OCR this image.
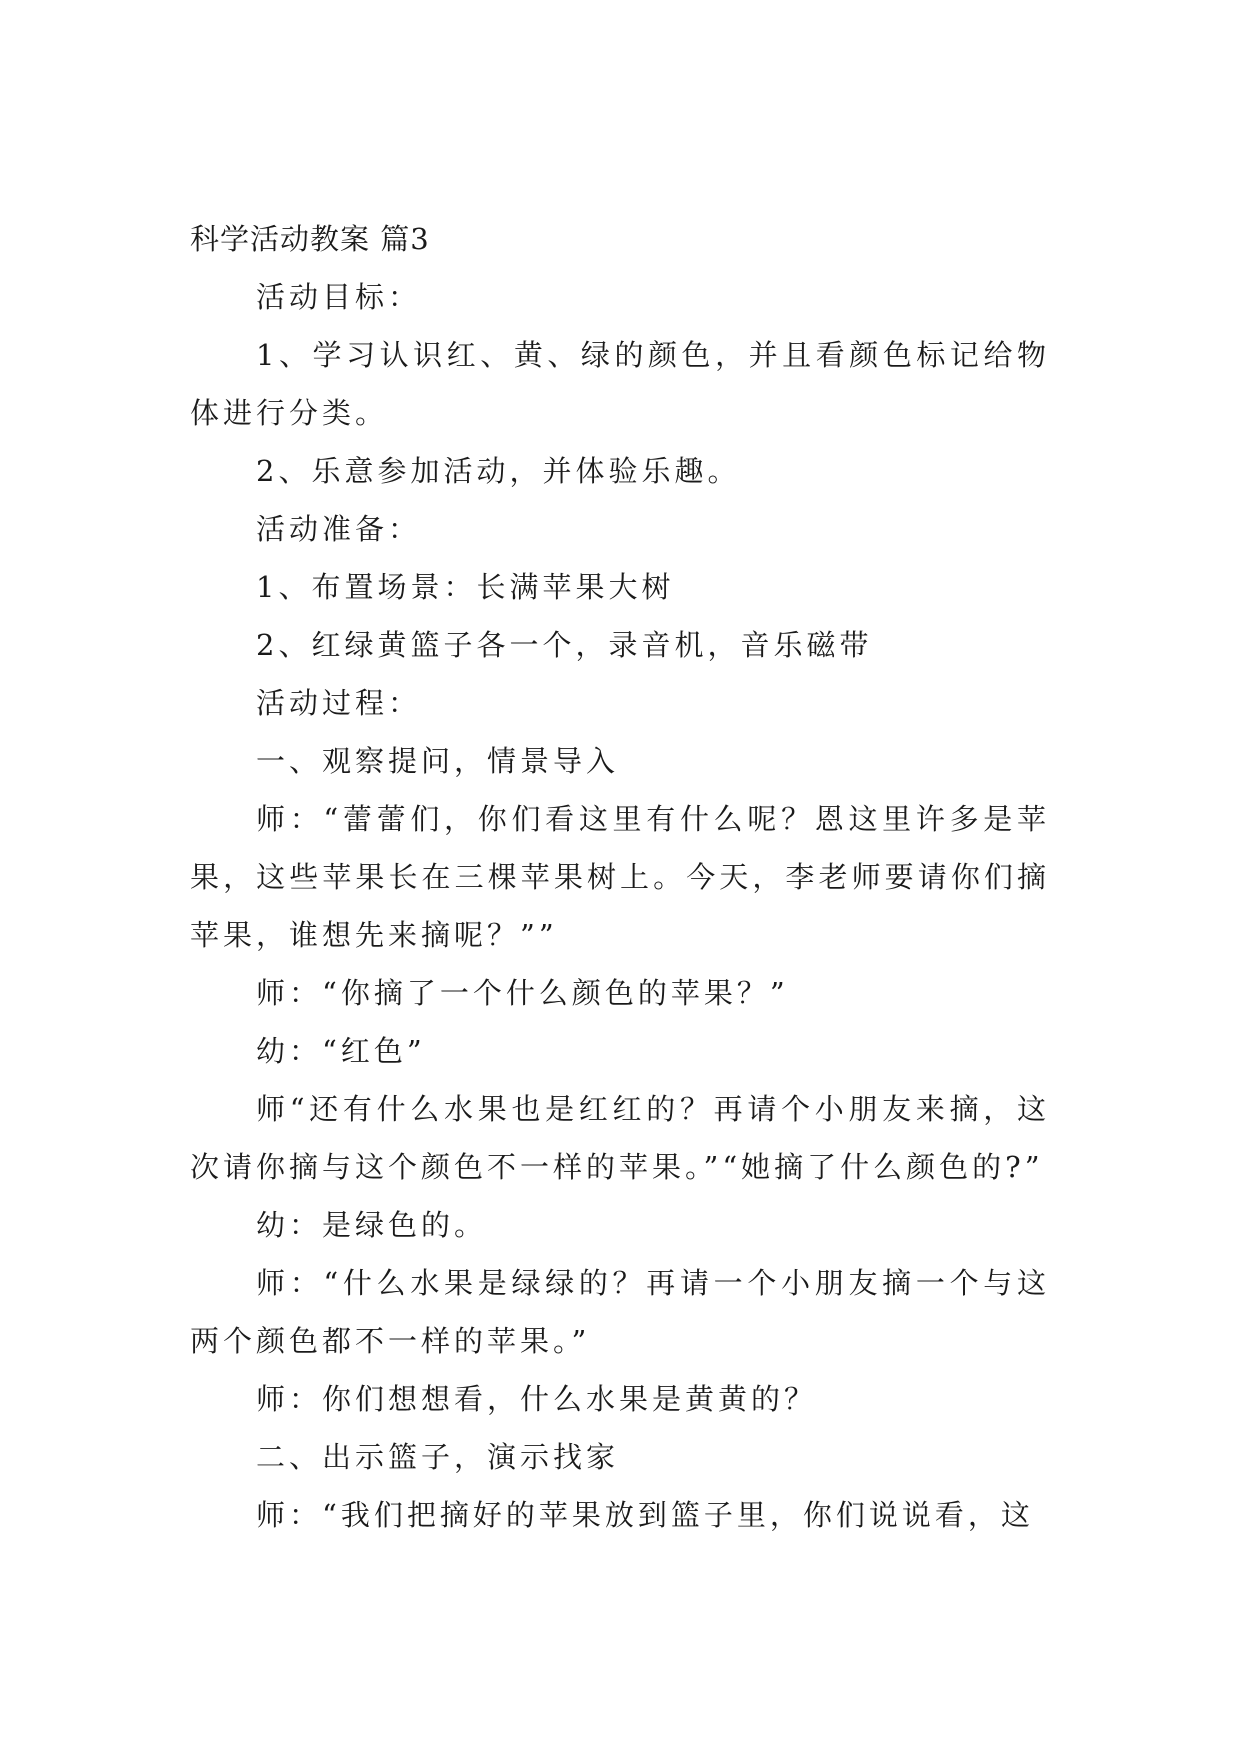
科学活动教案 篇3

活动目标：

1、学习认识红、黄、绿的颜色，并且看颜色标记给物体进行分类。

2、乐意参加活动，并体验乐趣。

活动准备：

1、布置场景：长满苹果大树

2、红绿黄篮子各一个，录音机，音乐磁带

活动过程：

一、观察提问，情景导入

师：“蕾蕾们，你们看这里有什么呢？恩这里许多是苹果，这些苹果长在三棵苹果树上。今天，李老师要请你们摘苹果，谁想先来摘呢？””

师：“你摘了一个什么颜色的苹果？”

幼：“红色”

师“还有什么水果也是红红的？再请个小朋友来摘，这次请你摘与这个颜色不一样的苹果。”“她摘了什么颜色的?”

幼：是绿色的。

师：“什么水果是绿绿的？再请一个小朋友摘一个与这两个颜色都不一样的苹果。”

师：你们想想看，什么水果是黄黄的？

二、出示篮子，演示找家

师：“我们把摘好的苹果放到篮子里，你们说说看，这
